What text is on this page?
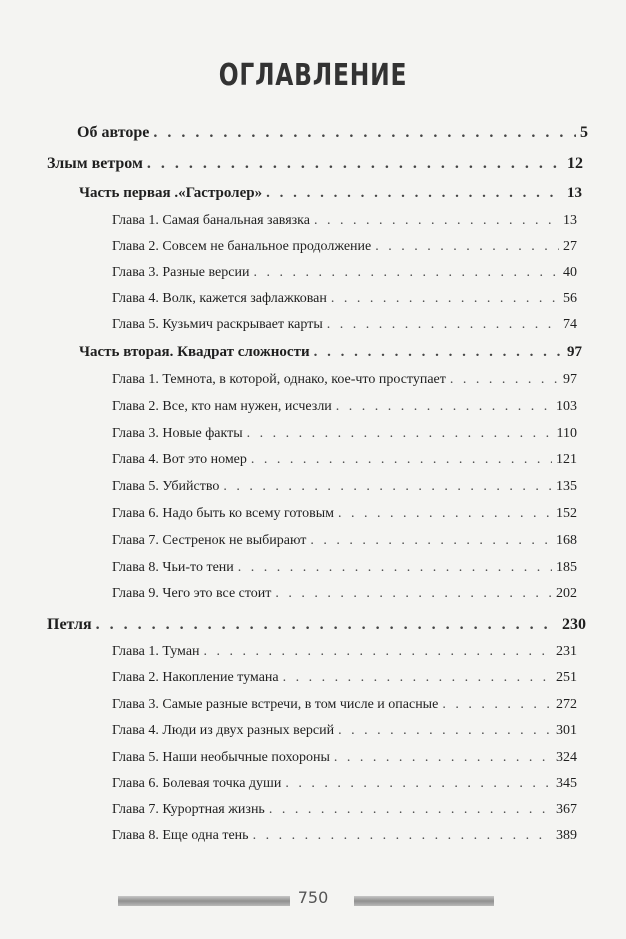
ОГЛАВЛЕНИЕ
Об авторе . . .	5
Злым ветром . . .	12
Часть первая .«Гастролер» . . .	13
Глава 1. Самая банальная завязка . . .	13
Глава 2. Совсем не банальное продолжение . . .	27
Глава 3. Разные версии . . .	40
Глава 4. Волк, кажется зафлажкован . . .	56
Глава 5. Кузьмич раскрывает карты . . .	74
Часть вторая. Квадрат сложности . . .	97
Глава 1. Темнота, в которой, однако, кое-что проступает . . .	97
Глава 2. Все, кто нам нужен, исчезли . . .	103
Глава 3. Новые факты . . .	110
Глава 4. Вот это номер . . .	121
Глава 5. Убийство . . .	135
Глава 6. Надо быть ко всему готовым . . .	152
Глава 7. Сестренок не выбирают . . .	168
Глава 8. Чьи-то тени . . .	185
Глава 9. Чего это все стоит . . .	202
Петля . . .	230
Глава 1. Туман . . .	231
Глава 2. Накопление тумана . . .	251
Глава 3. Самые разные встречи, в том числе и опасные . . .	272
Глава 4. Люди из двух разных версий . . .	301
Глава 5. Наши необычные похороны . . .	324
Глава 6. Болевая точка души . . .	345
Глава 7. Курортная жизнь . . .	367
Глава 8. Еще одна тень . . .	389
750
